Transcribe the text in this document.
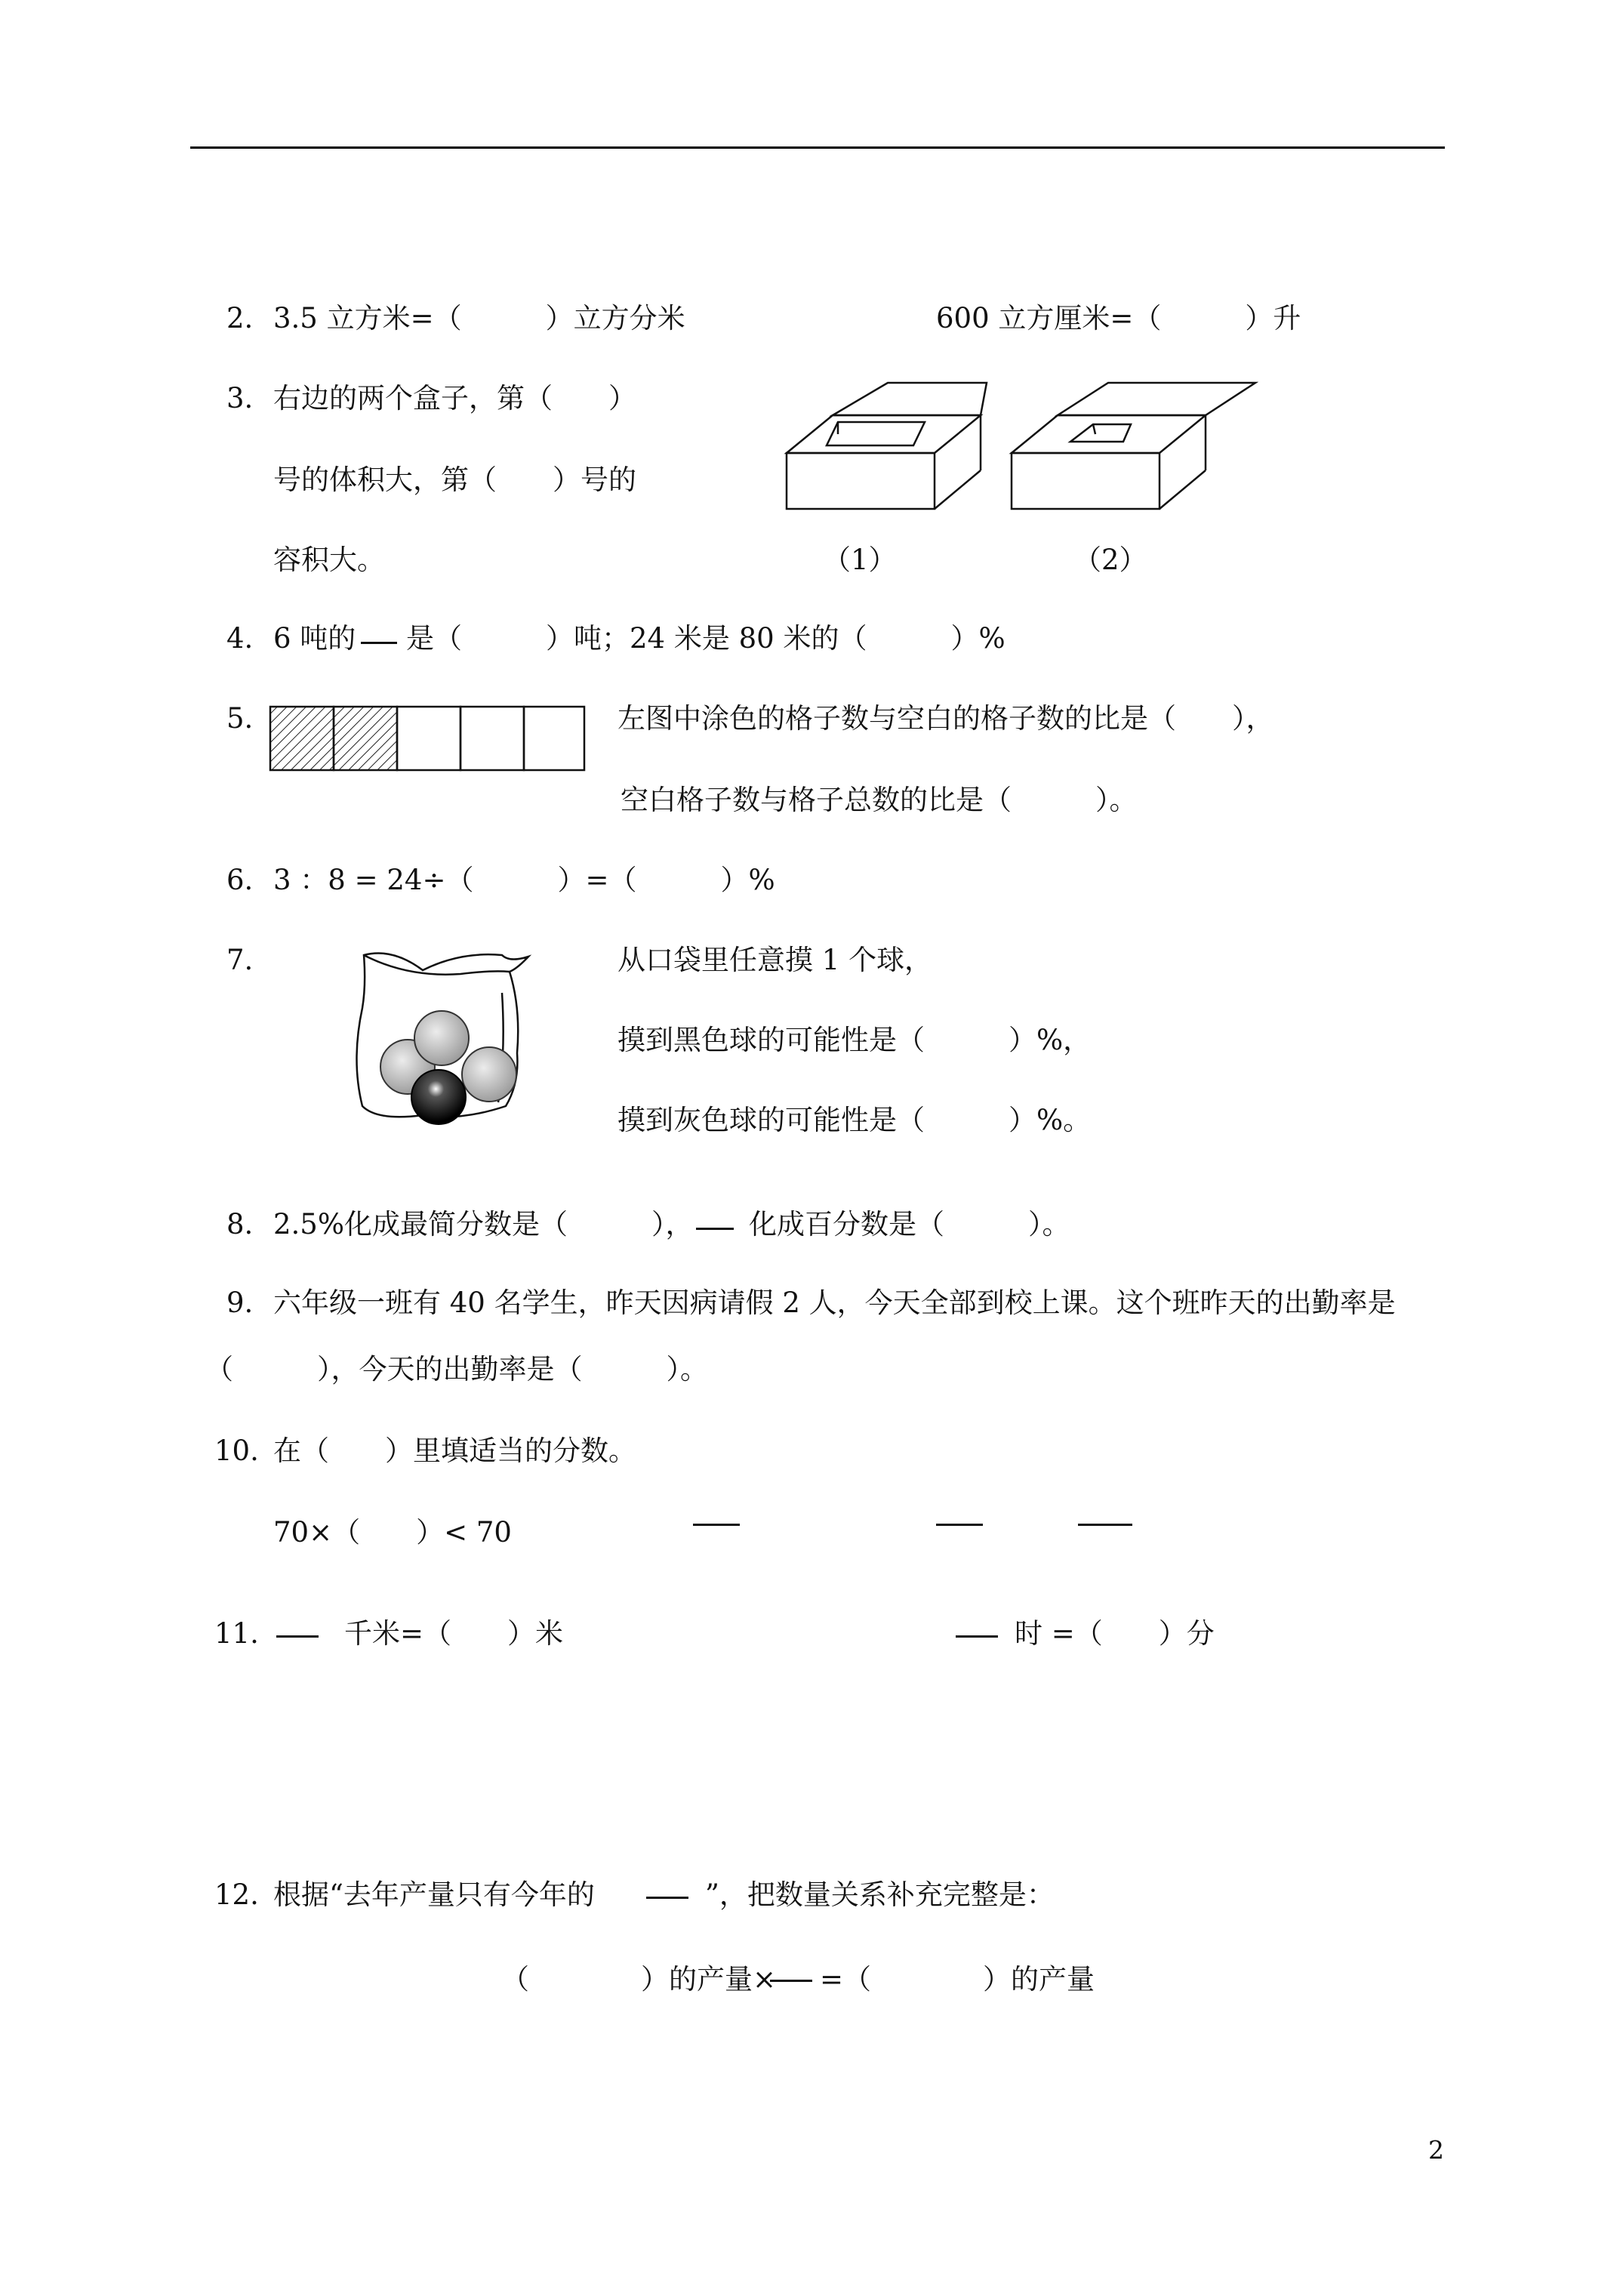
2. 3.5 立方米=（　　　）立方分米	600 立方厘米=（　　　）升
3. 右边的两个盒子，第（　　）
号的体积大，第（　　）号的
容积大。	（1）	（2）
4. 6 吨的 是（　　　）吨；24 米是 80 米的（　　　）%
5.	左图中涂色的格子数与空白的格子数的比是（　　），
空白格子数与格子总数的比是（　　　）。
6. 3 ：8 = 24÷（　　　）=（　　　）%
7.	从口袋里任意摸 1 个球，
摸到黑色球的可能性是（　　　）%，
摸到灰色球的可能性是（　　　）%。
8. 2.5%化成最简分数是（　　　）， 化成百分数是（　　　）。
9. 六年级一班有 40 名学生，昨天因病请假 2 人，今天全部到校上课。这个班昨天的出勤率是
（　　　），今天的出勤率是（　　　）。
10. 在（　　）里填适当的分数。
70×（　　）< 70
11.	千米=（　　）米	时 =（　　）分
12. 根据“去年产量只有今年的	”，把数量关系补充完整是：
（　　　　）的产量× =（　　　　）的产量
2
